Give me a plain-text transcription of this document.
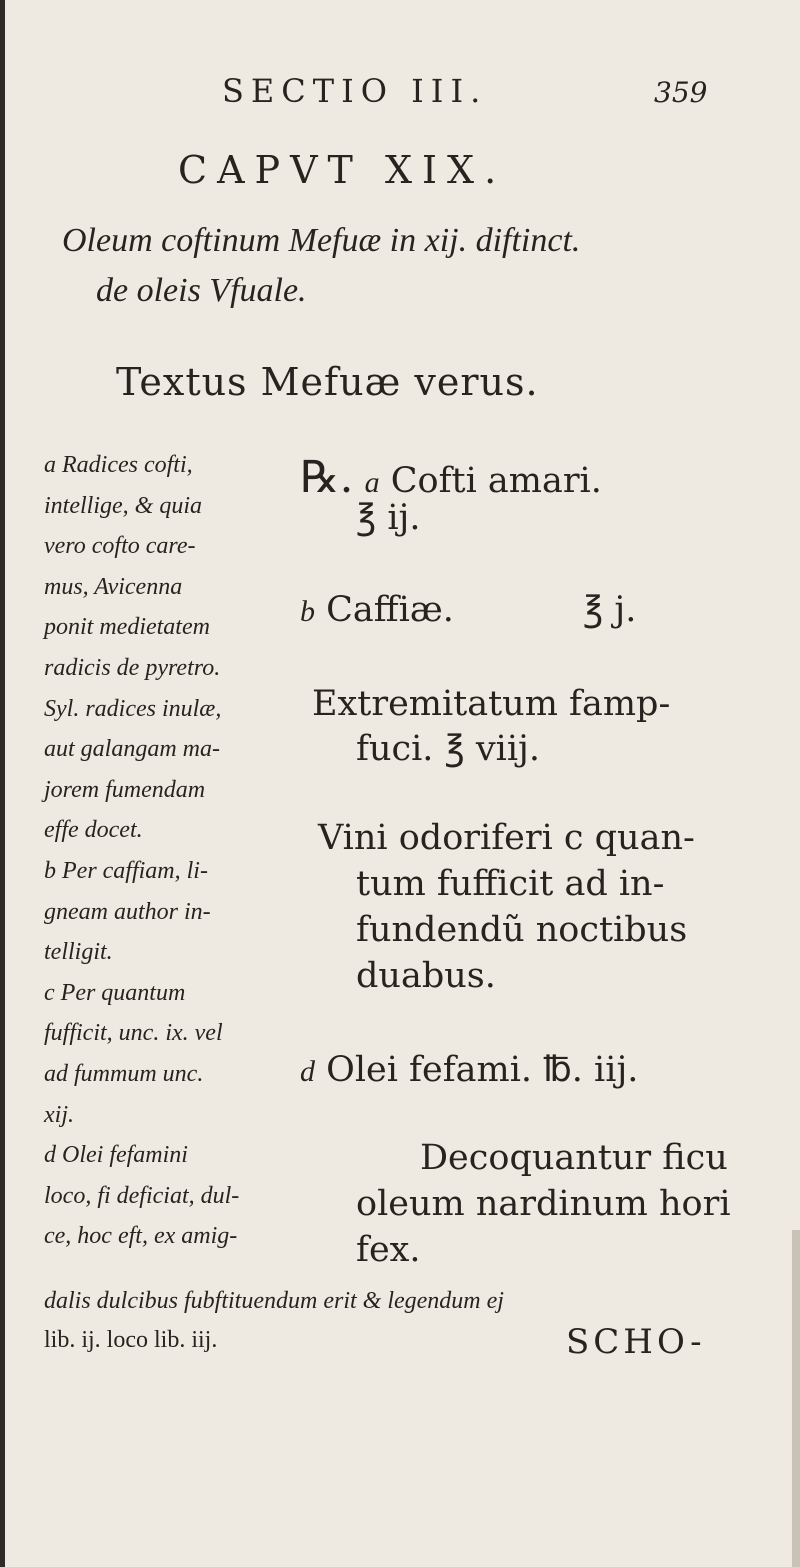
SECTIO III.	359
CAPVT XIX.
Oleum coftinum Mefuæ in xij. diftinct.
de oleis Vfuale.
Textus Mefuæ verus.
a Radices cofti,
intellige, & quia
vero cofto care-
mus, Avicenna
ponit medietatem
radicis de pyretro.
Syl. radices inulæ,
aut galangam ma-
jorem fumendam
effe docet.
b Per caffiam, li-
gneam author in-
telligit.
c Per quantum
fufficit, unc. ix. vel
ad fummum unc.
xij.
d Olei fefamini
loco, fi deficiat, dul-
ce, hoc eft, ex amig-
℞. a Cofti amari.
℥ ij.
b Caffiæ.	℥ j.
Extremitatum famp-
fuci. ℥ viij.
Vini odoriferi c quan-
tum fufficit ad in-
fundendũ noctibus
duabus.
d Olei fefami. ℔. iij.
Decoquantur ficu
oleum nardinum hori
fex.
dalis dulcibus fubftituendum erit & legendum ej
lib. ij. loco lib. iij.	SCHO-
